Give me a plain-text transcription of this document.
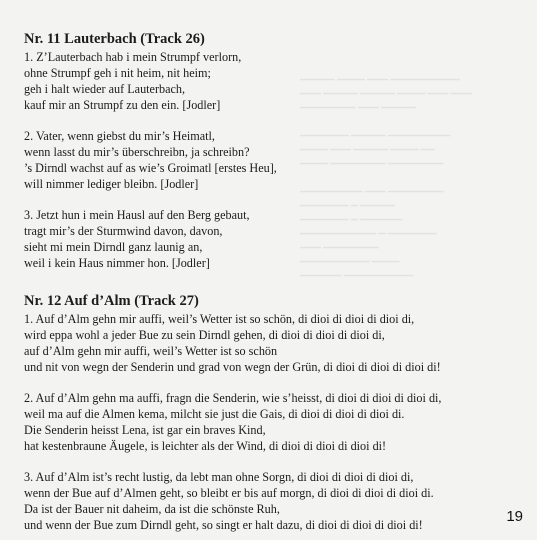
▁▁▁▁▁ ▁▁▁▁ ▁▁▁ ▁▁▁▁▁▁▁▁▁▁
▁▁▁ ▁▁▁▁▁ ▁▁▁▁▁ ▁▁▁▁ ▁▁▁ ▁▁▁
▁▁▁▁▁▁▁▁ ▁▁▁ ▁▁▁▁▁

▁▁▁▁▁▁▁ ▁▁▁▁▁ ▁▁▁▁▁▁▁▁▁
▁▁▁▁ ▁▁▁ ▁▁▁▁▁ ▁▁▁▁ ▁▁
▁▁▁▁ ▁▁▁▁▁▁▁▁ ▁▁▁▁▁▁▁▁

▁▁▁▁▁▁▁▁▁ ▁▁▁ ▁▁▁▁▁▁▁▁
▁▁▁▁▁▁▁ ▁ ▁▁▁▁▁
▁▁▁▁▁▁▁ ▁ ▁▁▁▁▁▁
▁▁▁▁▁▁▁▁▁▁▁ ▁ ▁▁▁▁▁▁▁
▁▁▁ ▁▁▁▁▁▁▁▁
▁▁▁▁▁▁▁▁▁▁ ▁▁▁▁
▁▁▁▁▁▁ ▁▁▁▁▁▁▁▁▁▁
Nr. 11 Lauterbach (Track 26)
1. Z’Lauterbach hab i mein Strumpf verlorn,
ohne Strumpf geh i nit heim, nit heim;
geh i halt wieder auf Lauterbach,
kauf mir an Strumpf zu den ein. [Jodler]
2. Vater, wenn giebst du mir’s Heimatl,
wenn lasst du mir’s überschreibn, ja schreibn?
’s Dirndl wachst auf as wie’s Groimatl [erstes Heu],
will nimmer lediger bleibn. [Jodler]
3. Jetzt hun i mein Hausl auf den Berg gebaut,
tragt mir’s der Sturmwind davon, davon,
sieht mi mein Dirndl ganz launig an,
weil i kein Haus nimmer hon. [Jodler]
Nr. 12 Auf d’Alm (Track 27)
1. Auf d’Alm gehn mir auffi, weil’s Wetter ist so schön, di dioi di dioi di dioi di,
wird eppa wohl a jeder Bue zu sein Dirndl gehen, di dioi di dioi di dioi di,
auf d’Alm gehn mir auffi, weil’s Wetter ist so schön
und nit von wegn der Senderin und grad von wegn der Grün, di dioi di dioi di dioi di!
2. Auf d’Alm gehn ma auffi, fragn die Senderin, wie s’heisst, di dioi di dioi di dioi di,
weil ma auf die Almen kema, milcht sie just die Gais, di dioi di dioi di dioi di.
Die Senderin heisst Lena, ist gar ein braves Kind,
hat kestenbraune Äugele, is leichter als der Wind, di dioi di dioi di dioi di!
3. Auf d’Alm ist’s recht lustig, da lebt man ohne Sorgn, di dioi di dioi di dioi di,
wenn der Bue auf d’Almen geht, so bleibt er bis auf morgn, di dioi di dioi di dioi di.
Da ist der Bauer nit daheim, da ist die schönste Ruh,
und wenn der Bue zum Dirndl geht, so singt er halt dazu, di dioi di dioi di dioi di!	19
